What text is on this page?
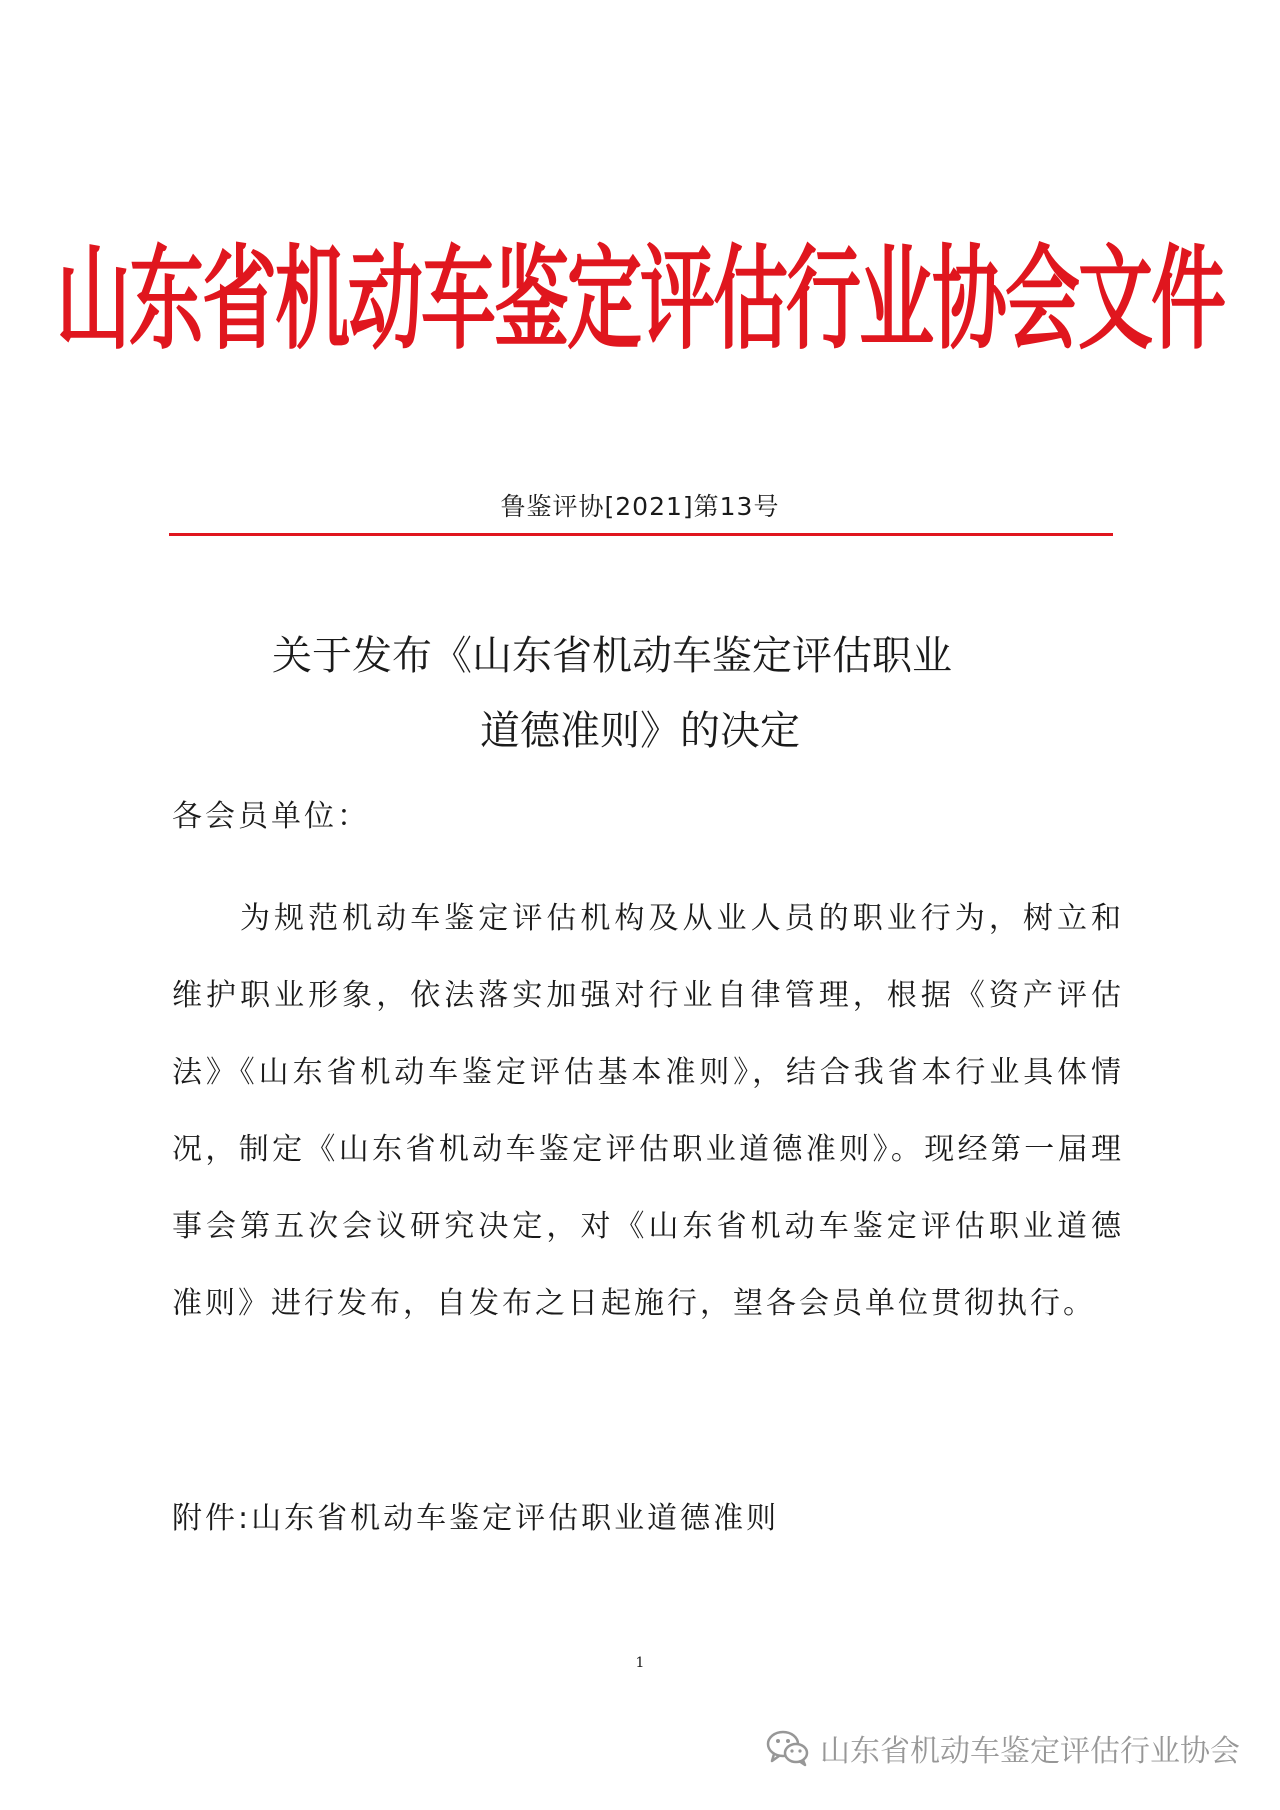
山东省机动车鉴定评估行业协会文件
鲁鉴评协[2021]第13号
关于发布《山东省机动车鉴定评估职业
道德准则》的决定
各会员单位：
为规范机动车鉴定评估机构及从业人员的职业行为，树立和维护职业形象，依法落实加强对行业自律管理，根据《资产评估法》《山东省机动车鉴定评估基本准则》，结合我省本行业具体情况，制定《山东省机动车鉴定评估职业道德准则》。现经第一届理事会第五次会议研究决定，对《山东省机动车鉴定评估职业道德准则》进行发布，自发布之日起施行，望各会员单位贯彻执行。
附件:山东省机动车鉴定评估职业道德准则
1
山东省机动车鉴定评估行业协会
